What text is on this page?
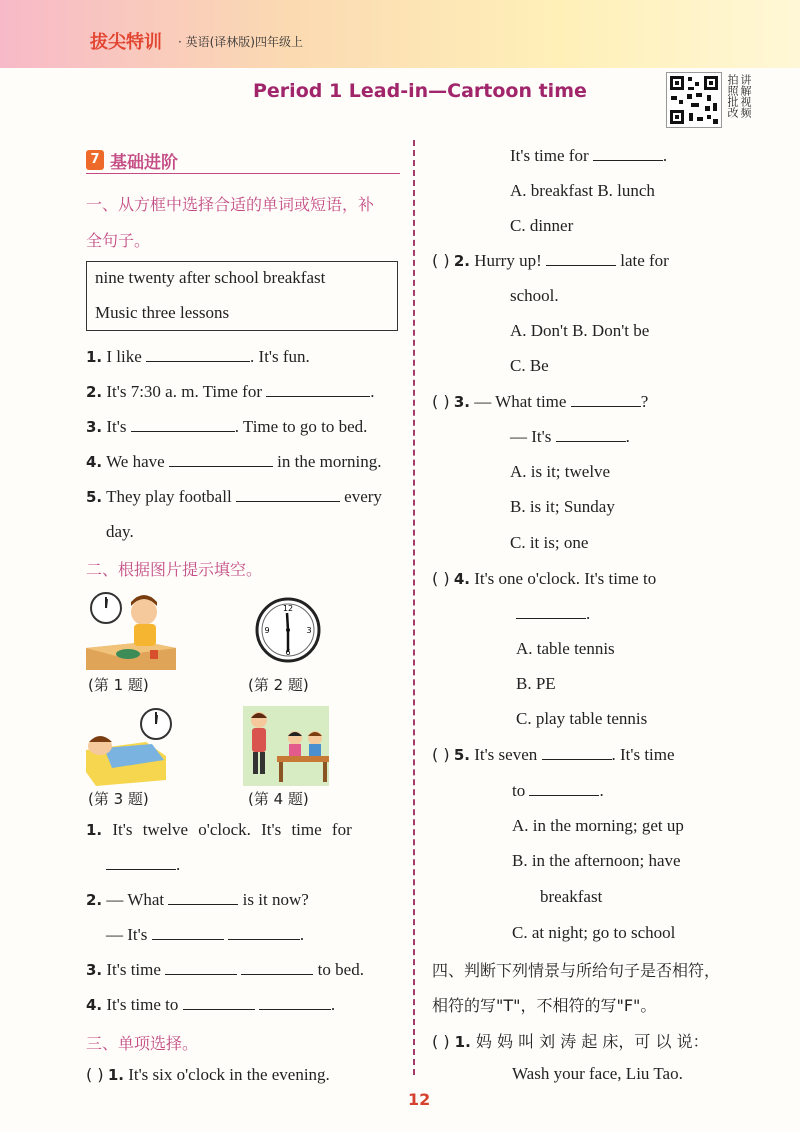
拔尖特训 · 英语(译林版)四年级上
Period 1 Lead-in—Cartoon time	讲解视频 拍照批改
7 基础进阶
一、从方框中选择合适的单词或短语，补
全句子。
nine twenty after school breakfast
Music three lessons
1. I like	. It's fun.
2. It's 7:30 a. m. Time for	.
3. It's	. Time to go to bed.
4. We have	in the morning.
5. They play football	every
day.
二、根据图片提示填空。
(第 1 题)
12
3
6
9
(第 2 题)
(第 3 题)	(第 4 题)
1. It's twelve o'clock. It's time for
.
2. — What	is it now?
— It's	.
3. It's time	to bed.
4. It's time to	.
三、单项选择。
( ) 1. It's six o'clock in the evening.
It's time for	.
A. breakfast B. lunch
C. dinner
( ) 2. Hurry up!	late for
school.
A. Don't B. Don't be
C. Be
( ) 3. — What time	?
— It's	.
A. is it; twelve
B. is it; Sunday
C. it is; one
( ) 4. It's one o'clock. It's time to
.
A. table tennis
B. PE
C. play table tennis
( ) 5. It's seven	. It's time
to	.
A. in the morning; get up
B. in the afternoon; have
breakfast
C. at night; go to school
四、判断下列情景与所给句子是否相符，
相符的写"T"，不相符的写"F"。
( ) 1. 妈 妈 叫 刘 涛 起 床，可 以 说：
Wash your face, Liu Tao.
12
